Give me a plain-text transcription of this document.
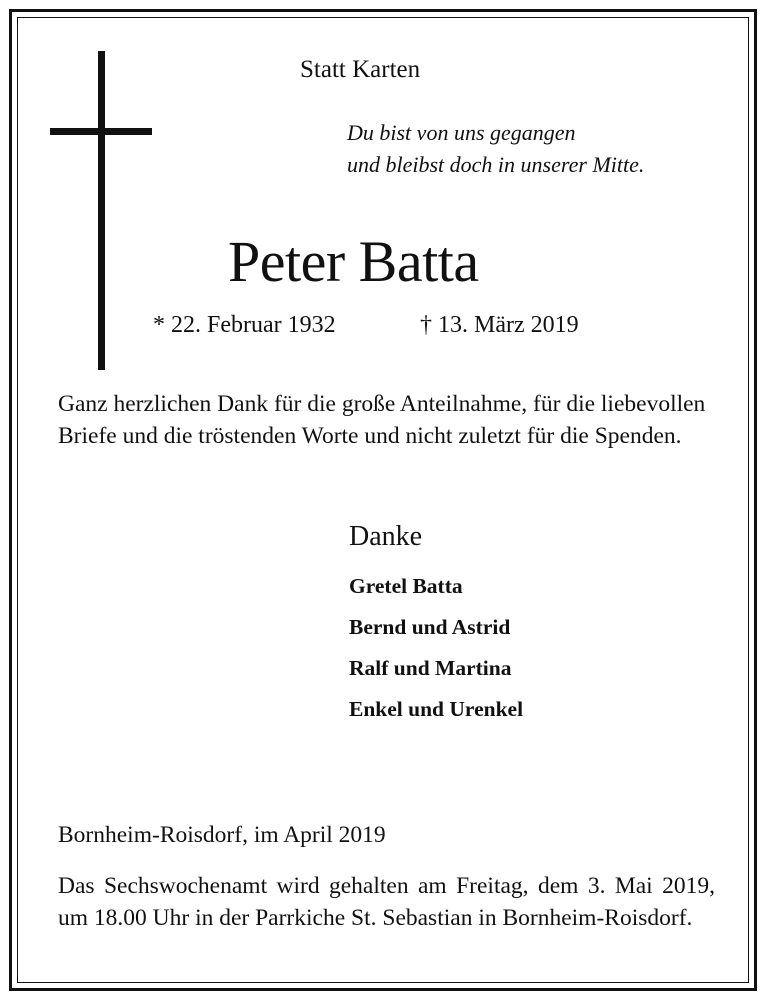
Statt Karten
Du bist von uns gegangen
und bleibst doch in unserer Mitte.
Peter Batta
* 22. Februar 1932	† 13. März 2019

Ganz herzlichen Dank für die große Anteilnahme, für die liebevollen Briefe und die tröstenden Worte und nicht zuletzt für die Spenden.

Danke
Gretel Batta
Bernd und Astrid
Ralf und Martina
Enkel und Urenkel
Bornheim-Roisdorf, im April 2019

Das Sechswochenamt wird gehalten am Freitag, dem 3. Mai 2019, um 18.00 Uhr in der Parrkiche St. Sebastian in Bornheim-Roisdorf.
